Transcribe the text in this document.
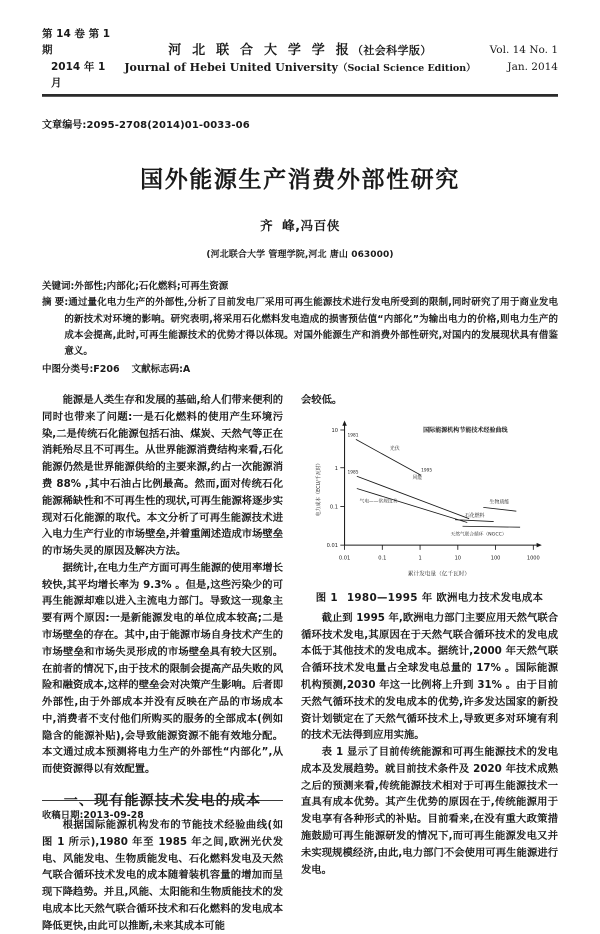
第 14 卷 第 1 期
2014 年 1 月
河 北 联 合 大 学 学 报（社会科学版）
Journal of Hebei United University（Social Science Edition）
Vol. 14 No. 1
Jan. 2014
文章编号:2095-2708(2014)01-0033-06
国外能源生产消费外部性研究
齐 峰,冯百侠
(河北联合大学 管理学院,河北 唐山 063000)
关键词:外部性;内部化;石化燃料;可再生资源
摘 要 :通过量化电力生产的外部性,分析了目前发电厂采用可再生能源技术进行发电所受到的限制,同时研究了用于商业发电的新技术对环境的影响。研究表明,将采用石化燃料发电造成的损害预估值“内部化”为输出电力的价格,则电力生产的成本会提高,此时,可再生能源技术的优势才得以体现。对国外能源生产和消费外部性研究,对国内的发展现状具有借鉴意义。
中图分类号:F206 文献标志码:A

能源是人类生存和发展的基础,给人们带来便利的同时也带来了问题:一是石化燃料的使用产生环境污染,二是传统石化能源包括石油、煤炭、天然气等正在消耗殆尽且不可再生。从世界能源消费结构来看,石化能源仍然是世界能源供给的主要来源,约占一次能源消费 88% ,其中石油占比例最高。然而,面对传统石化能源稀缺性和不可再生性的现状,可再生能源将逐步实现对石化能源的取代。本文分析了可再生能源技术进入电力生产行业的市场壁垒,并着重阐述造成市场壁垒的市场失灵的原因及解决方法。

据统计,在电力生产方面可再生能源的使用率增长较快,其平均增长率为 9.3% 。但是,这些污染少的可再生能源却难以进入主流电力部门。导致这一现象主要有两个原因:一是新能源发电的单位成本较高;二是市场壁垒的存在。其中,由于能源市场自身技术产生的市场壁垒和市场失灵形成的市场壁垒具有较大区别。在前者的情况下,由于技术的限制会提高产品失败的风险和融资成本,这样的壁垒会对决策产生影响。后者即外部性,由于外部成本并没有反映在产品的市场成本中,消费者不支付他们所购买的服务的全部成本(例如隐含的能源补贴),会导致能源资源不能有效地分配。本文通过成本预测将电力生产的外部性“内部化”,从而使资源得以有效配置。

一、现有能源技术发电的成本

根据国际能源机构发布的节能技术经验曲线(如图 1 所示),1980 年至 1985 年之间,欧洲光伏发电、风能发电、生物质能发电、石化燃料发电及天然气联合循环技术发电的成本随着装机容量的增加而呈现下降趋势。并且,风能、太阳能和生物质能技术的发电成本比天然气联合循环技术和石化燃料的发电成本降低更快,由此可以推断,未来其成本可能

会较低。

国际能源机构节能技术经验曲线
10
1
0.1
0.01
电力成本（ECU/千瓦时）
0.01	0.1	1	10	100	1000
累计发电量（亿千瓦时）
1981
1995
光伏
1985
风能
气电——常规技术	生物质能
石化燃料
天然气联合循环（NGCC）
图 1 1980—1995 年 欧洲电力技术发电成本

截止到 1995 年,欧洲电力部门主要应用天然气联合循环技术发电,其原因在于天然气联合循环技术的发电成本低于其他技术的发电成本。据统计,2000 年天然气联合循环技术发电量占全球发电总量的 17% 。国际能源机构预测,2030 年这一比例将上升到 31% 。由于目前天然气循环技术的发电成本的优势,许多发达国家的新投资计划锁定在了天然气循环技术上,导致更多对环境有利的技术无法得到应用实施。

表 1 显示了目前传统能源和可再生能源技术的发电成本及发展趋势。就目前技术条件及 2020 年技术成熟之后的预测来看,传统能源技术相对于可再生能源技术一直具有成本优势。其产生优势的原因在于,传统能源用于发电享有各种形式的补贴。目前看来,在没有重大政策措施鼓励可再生能源研发的情况下,而可再生能源发电又并未实现规模经济,由此,电力部门不会使用可再生能源进行发电。

收稿日期:2013-09-28
